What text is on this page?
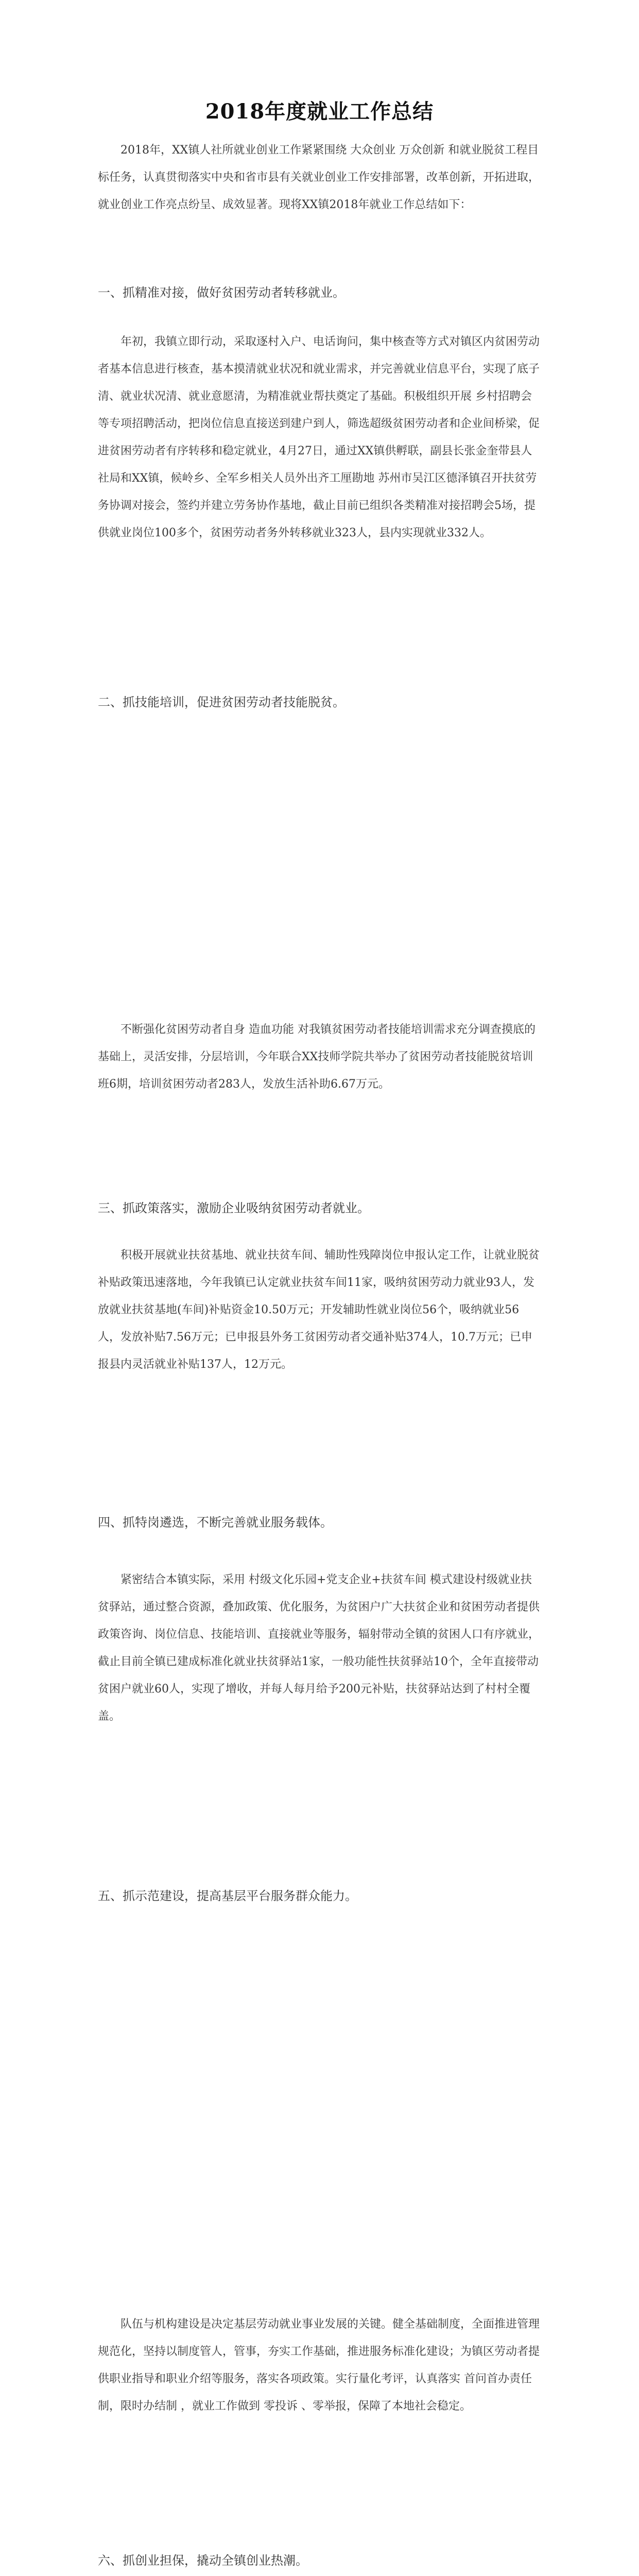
2018年度就业工作总结
2018年，XX镇人社所就业创业工作紧紧围绕 大众创业 万众创新 和就业脱贫工程目标任务，认真贯彻落实中央和省市县有关就业创业工作安排部署，改革创新，开拓进取，就业创业工作亮点纷呈、成效显著。现将XX镇2018年就业工作总结如下：
一、抓精准对接，做好贫困劳动者转移就业。
年初，我镇立即行动，采取逐村入户、电话询问，集中核查等方式对镇区内贫困劳动者基本信息进行核查，基本摸清就业状况和就业需求，并完善就业信息平台，实现了底子清、就业状况清、就业意愿清，为精准就业帮扶奠定了基础。积极组织开展 乡村招聘会 等专项招聘活动，把岗位信息直接送到建户到人，筛选超级贫困劳动者和企业间桥梁，促进贫困劳动者有序转移和稳定就业，4月27日，通过XX镇供孵联，副县长张金奎带县人社局和XX镇，候岭乡、全军乡相关人员外出齐工厘勘地 苏州市吴江区德泽镇召开扶贫劳务协调对接会，签约并建立劳务协作基地，截止目前已组织各类精准对接招聘会5场，提供就业岗位100多个，贫困劳动者务外转移就业323人，县内实现就业332人。
二、抓技能培训，促进贫困劳动者技能脱贫。
不断强化贫困劳动者自身 造血功能 对我镇贫困劳动者技能培训需求充分调查摸底的基础上，灵活安排，分层培训，今年联合XX技师学院共举办了贫困劳动者技能脱贫培训班6期，培训贫困劳动者283人，发放生活补助6.67万元。
三、抓政策落实，激励企业吸纳贫困劳动者就业。
积极开展就业扶贫基地、就业扶贫车间、辅助性残障岗位申报认定工作，让就业脱贫补贴政策迅速落地，今年我镇已认定就业扶贫车间11家，吸纳贫困劳动力就业93人，发放就业扶贫基地(车间)补贴资金10.50万元；开发辅助性就业岗位56个，吸纳就业56人，发放补贴7.56万元；已申报县外务工贫困劳动者交通补贴374人，10.7万元；已申报县内灵活就业补贴137人，12万元。
四、抓特岗遴选，不断完善就业服务载体。
紧密结合本镇实际，采用 村级文化乐园+党支企业+扶贫车间 模式建设村级就业扶贫驿站，通过整合资源，叠加政策、优化服务，为贫困户广大扶贫企业和贫困劳动者提供政策咨询、岗位信息、技能培训、直接就业等服务，辐射带动全镇的贫困人口有序就业，截止目前全镇已建成标准化就业扶贫驿站1家，一般功能性扶贫驿站10个，全年直接带动贫困户就业60人，实现了增收，并每人每月给予200元补贴，扶贫驿站达到了村村全覆盖。
五、抓示范建设，提高基层平台服务群众能力。
队伍与机构建设是决定基层劳动就业事业发展的关键。健全基础制度，全面推进管理规范化，坚持以制度管人，管事，夯实工作基础，推进服务标准化建设；为镇区劳动者提供职业指导和职业介绍等服务，落实各项政策。实行量化考评，认真落实 首问首办责任制，限时办结制 ，就业工作做到 零投诉 、零举报，保障了本地社会稳定。
六、抓创业担保，撬动全镇创业热潮。
